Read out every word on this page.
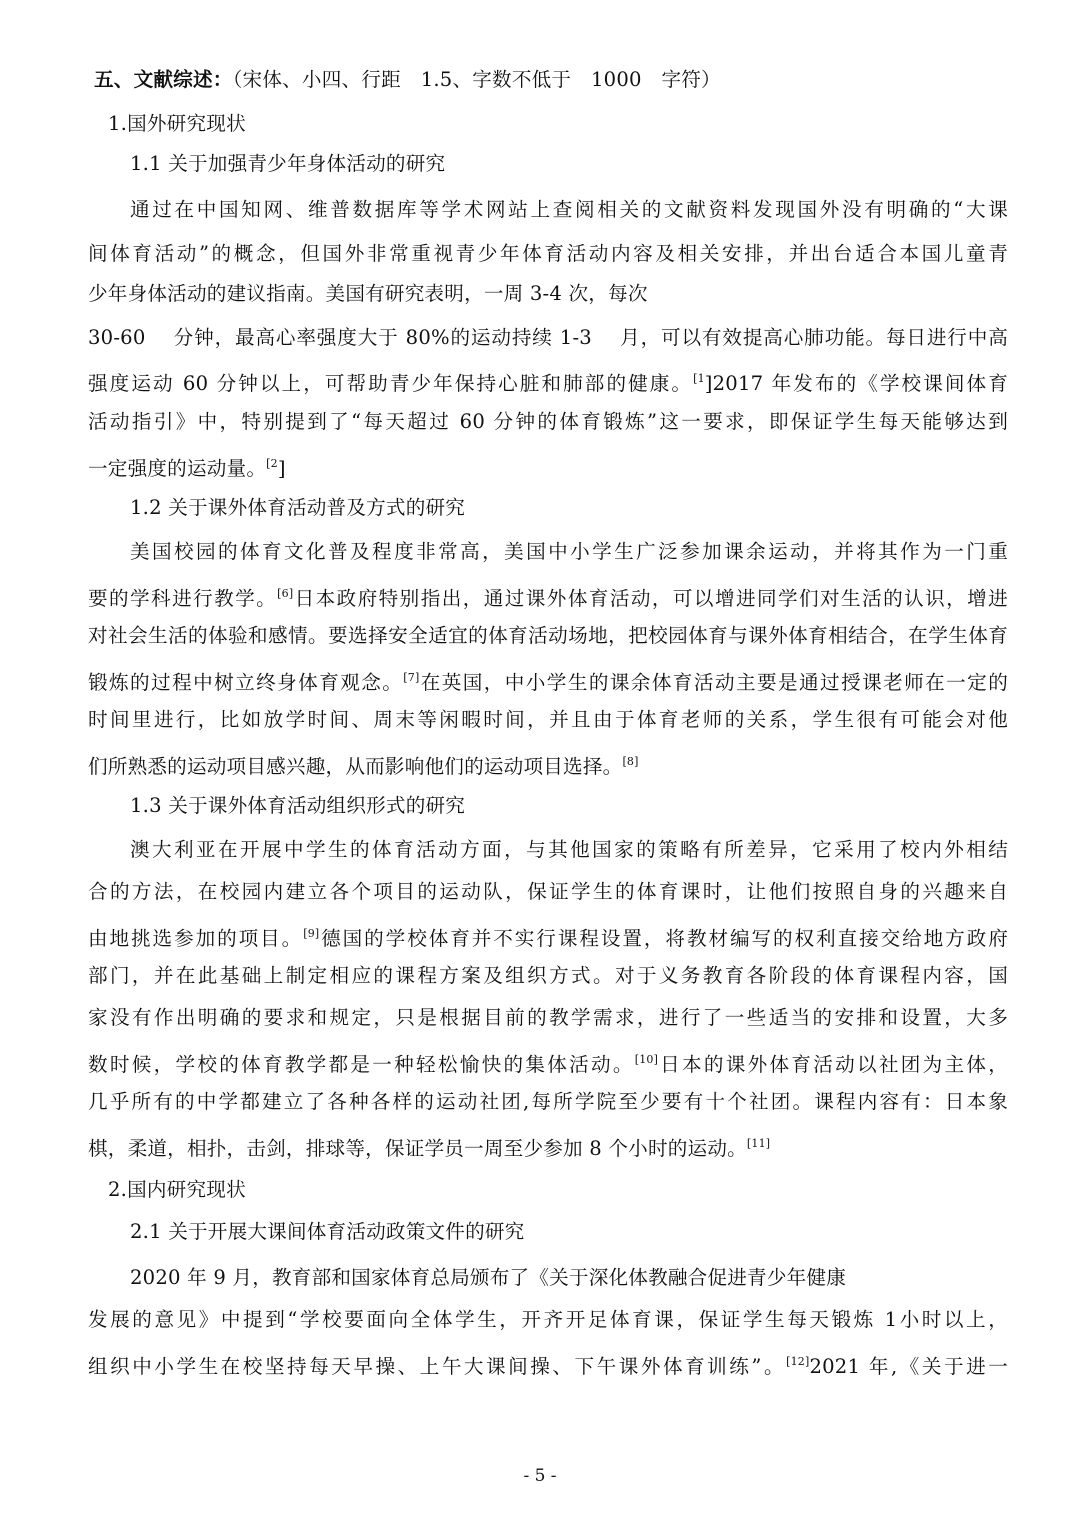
五、文献综述：（宋体、小四、行距　1.5、字数不低于　1000　字符）
1.国外研究现状
1.1 关于加强青少年身体活动的研究
通过在中国知网、维普数据库等学术网站上查阅相关的文献资料发现国外没有明确的“大课
间体育活动”的概念，但国外非常重视青少年体育活动内容及相关安排，并出台适合本国儿童青
少年身体活动的建议指南。美国有研究表明，一周 3-4 次，每次
30-60　 分钟，最高心率强度大于 80%的运动持续 1-3　 月，可以有效提高心肺功能。每日进行中高
强度运动 60 分钟以上，可帮助青少年保持心脏和肺部的健康。$^{[1}$]2017 年发布的《学校课间体育
活动指引》中，特别提到了“每天超过 60 分钟的体育锻炼”这一要求，即保证学生每天能够达到
一定强度的运动量。$^{[2}$]
1.2 关于课外体育活动普及方式的研究
美国校园的体育文化普及程度非常高，美国中小学生广泛参加课余运动，并将其作为一门重
要的学科进行教学。[6]日本政府特别指出，通过课外体育活动，可以增进同学们对生活的认识，增进
对社会生活的体验和感情。要选择安全适宜的体育活动场地，把校园体育与课外体育相结合，在学生体育
锻炼的过程中树立终身体育观念。[7]在英国，中小学生的课余体育活动主要是通过授课老师在一定的
时间里进行，比如放学时间、周末等闲暇时间，并且由于体育老师的关系，学生很有可能会对他
们所熟悉的运动项目感兴趣，从而影响他们的运动项目选择。[8]
1.3 关于课外体育活动组织形式的研究
澳大利亚在开展中学生的体育活动方面，与其他国家的策略有所差异，它采用了校内外相结
合的方法，在校园内建立各个项目的运动队，保证学生的体育课时，让他们按照自身的兴趣来自
由地挑选参加的项目。[9]德国的学校体育并不实行课程设置，将教材编写的权利直接交给地方政府
部门，并在此基础上制定相应的课程方案及组织方式。对于义务教育各阶段的体育课程内容，国
家没有作出明确的要求和规定，只是根据目前的教学需求，进行了一些适当的安排和设置，大多
数时候，学校的体育教学都是一种轻松愉快的集体活动。[10]日本的课外体育活动以社团为主体，
几乎所有的中学都建立了各种各样的运动社团,每所学院至少要有十个社团。课程内容有：日本象
棋，柔道，相扑，击剑，排球等，保证学员一周至少参加 8 个小时的运动。[11]
2.国内研究现状
2.1 关于开展大课间体育活动政策文件的研究
2020 年 9 月，教育部和国家体育总局颁布了《关于深化体教融合促进青少年健康
发展的意见》中提到“学校要面向全体学生，开齐开足体育课，保证学生每天锻炼 1小时以上，
组织中小学生在校坚持每天早操、上午大课间操、下午课外体育训练”。[12]2021 年,《关于进一
- 5 -
